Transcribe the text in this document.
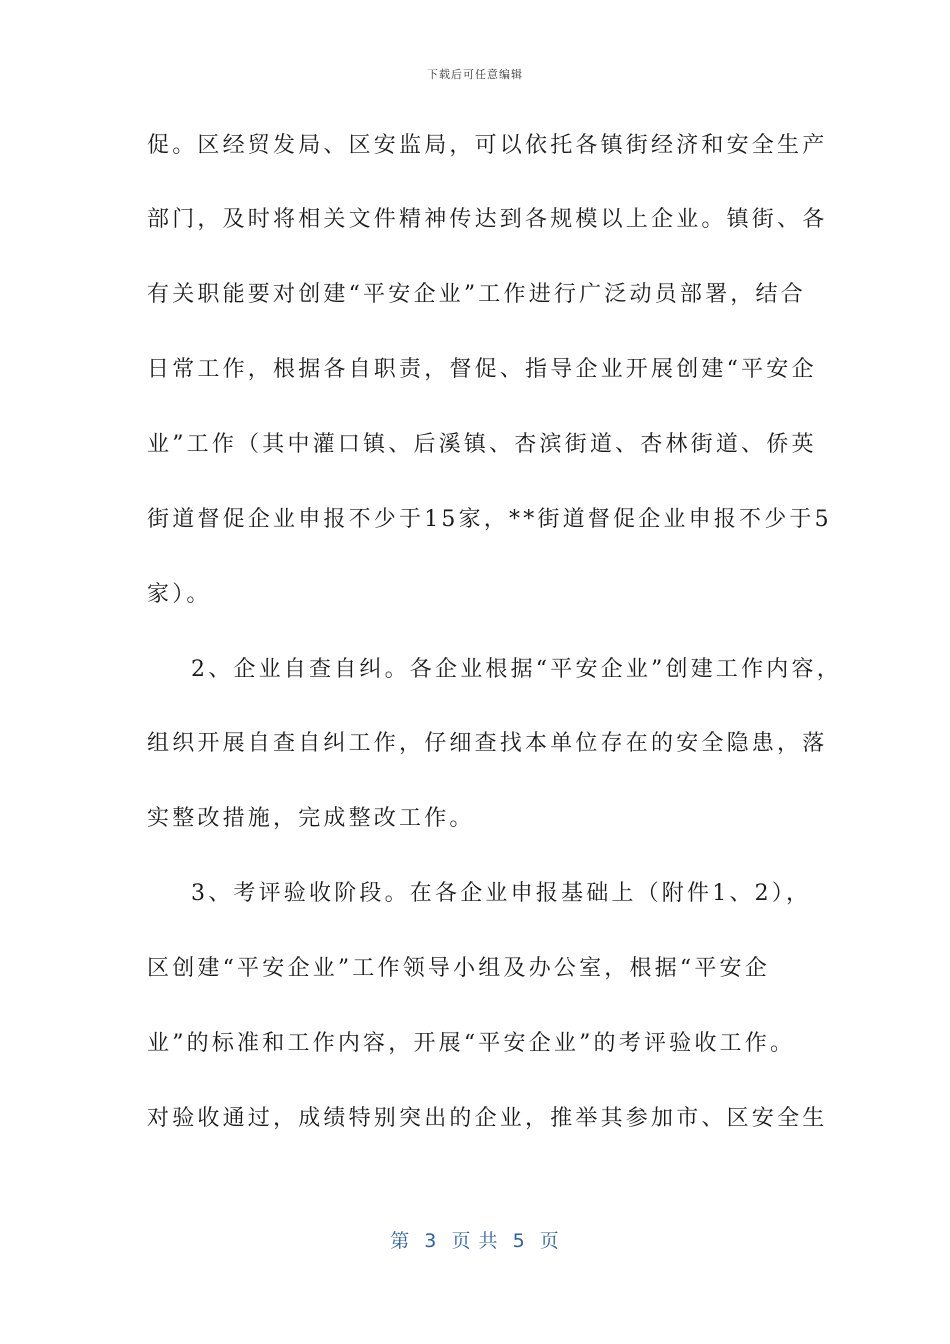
下载后可任意编辑
促。区经贸发局、区安监局，可以依托各镇街经济和安全生产
部门，及时将相关文件精神传达到各规模以上企业。镇街、各
有关职能要对创建“平安企业”工作进行广泛动员部署，结合
日常工作，根据各自职责，督促、指导企业开展创建“平安企
业”工作（其中灌口镇、后溪镇、杏滨街道、杏林街道、侨英
街道督促企业申报不少于15家，**街道督促企业申报不少于5
家）。
2、企业自查自纠。各企业根据“平安企业”创建工作内容，
组织开展自查自纠工作，仔细查找本单位存在的安全隐患，落
实整改措施，完成整改工作。
3、考评验收阶段。在各企业申报基础上（附件1、2），
区创建“平安企业”工作领导小组及办公室，根据“平安企
业”的标准和工作内容，开展“平安企业”的考评验收工作。
对验收通过，成绩特别突出的企业，推举其参加市、区安全生
第  3  页 共  5  页
